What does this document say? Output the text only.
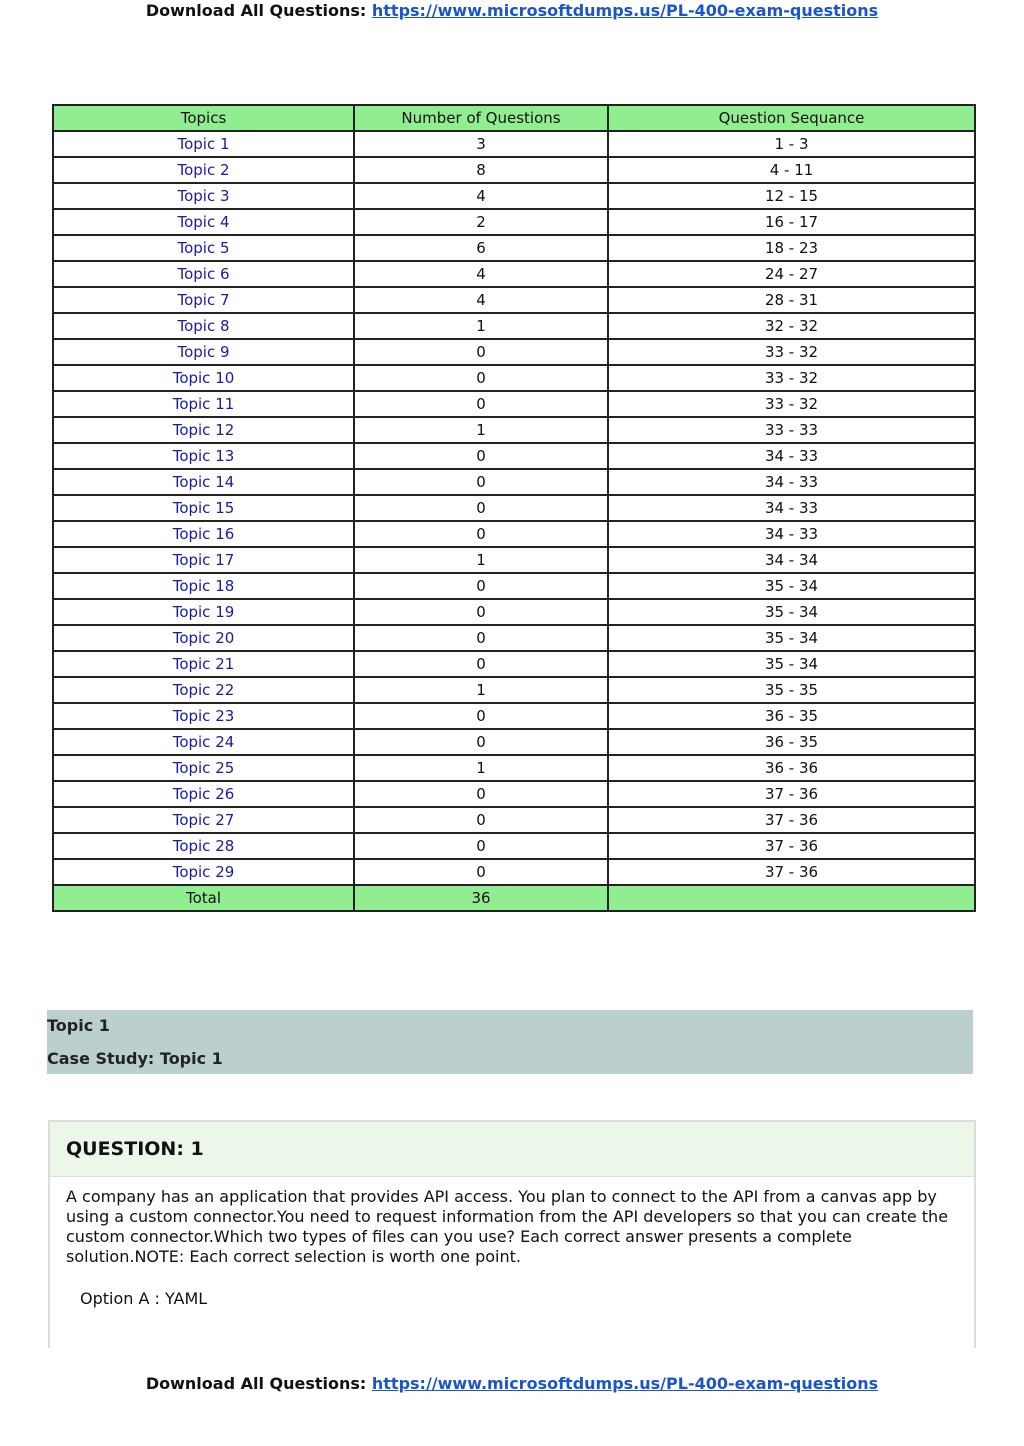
Download All Questions: https://www.microsoftdumps.us/PL-400-exam-questions
Topics	Number of Questions	Question Sequance
Topic 1	3	1 - 3
Topic 2	8	4 - 11
Topic 3	4	12 - 15
Topic 4	2	16 - 17
Topic 5	6	18 - 23
Topic 6	4	24 - 27
Topic 7	4	28 - 31
Topic 8	1	32 - 32
Topic 9	0	33 - 32
Topic 10	0	33 - 32
Topic 11	0	33 - 32
Topic 12	1	33 - 33
Topic 13	0	34 - 33
Topic 14	0	34 - 33
Topic 15	0	34 - 33
Topic 16	0	34 - 33
Topic 17	1	34 - 34
Topic 18	0	35 - 34
Topic 19	0	35 - 34
Topic 20	0	35 - 34
Topic 21	0	35 - 34
Topic 22	1	35 - 35
Topic 23	0	36 - 35
Topic 24	0	36 - 35
Topic 25	1	36 - 36
Topic 26	0	37 - 36
Topic 27	0	37 - 36
Topic 28	0	37 - 36
Topic 29	0	37 - 36
Total	36	
Topic 1
Case Study: Topic 1
QUESTION: 1
A company has an application that provides API access. You plan to connect to the API from a canvas app by using a custom connector.You need to request information from the API developers so that you can create the custom connector.Which two types of files can you use? Each correct answer presents a complete solution.NOTE: Each correct selection is worth one point.
Option A : YAML
Download All Questions: https://www.microsoftdumps.us/PL-400-exam-questions
